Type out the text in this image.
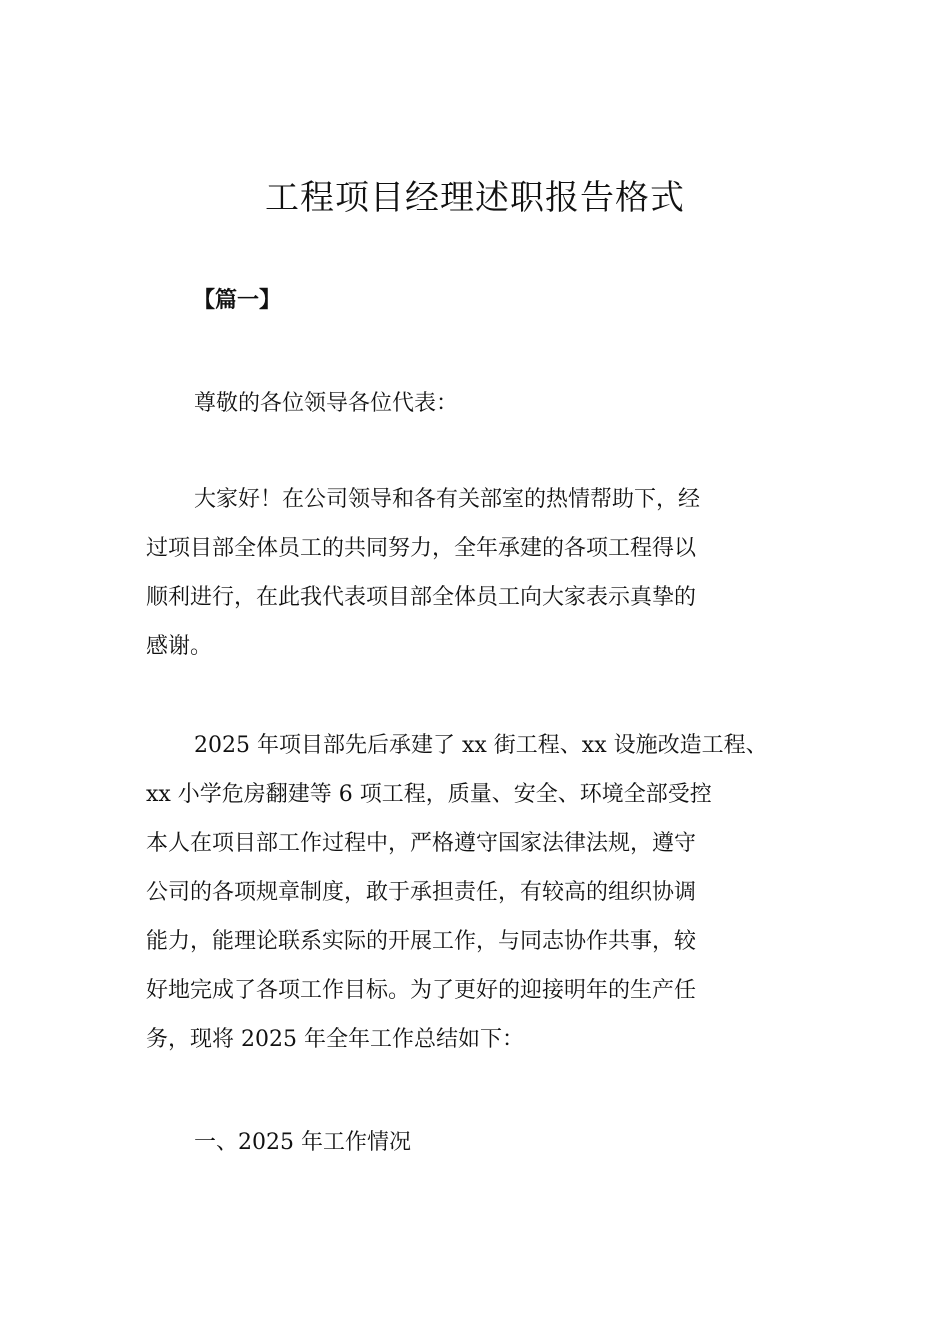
工程项目经理述职报告格式

【篇一】

尊敬的各位领导各位代表：

大家好！在公司领导和各有关部室的热情帮助下，经
过项目部全体员工的共同努力，全年承建的各项工程得以
顺利进行，在此我代表项目部全体员工向大家表示真挚的
感谢。

2025 年项目部先后承建了 xx 街工程、xx 设施改造工程、
xx 小学危房翻建等 6 项工程，质量、安全、环境全部受控
本人在项目部工作过程中，严格遵守国家法律法规，遵守
公司的各项规章制度，敢于承担责任，有较高的组织协调
能力，能理论联系实际的开展工作，与同志协作共事，较
好地完成了各项工作目标。为了更好的迎接明年的生产任
务，现将 2025 年全年工作总结如下：

一、2025 年工作情况
